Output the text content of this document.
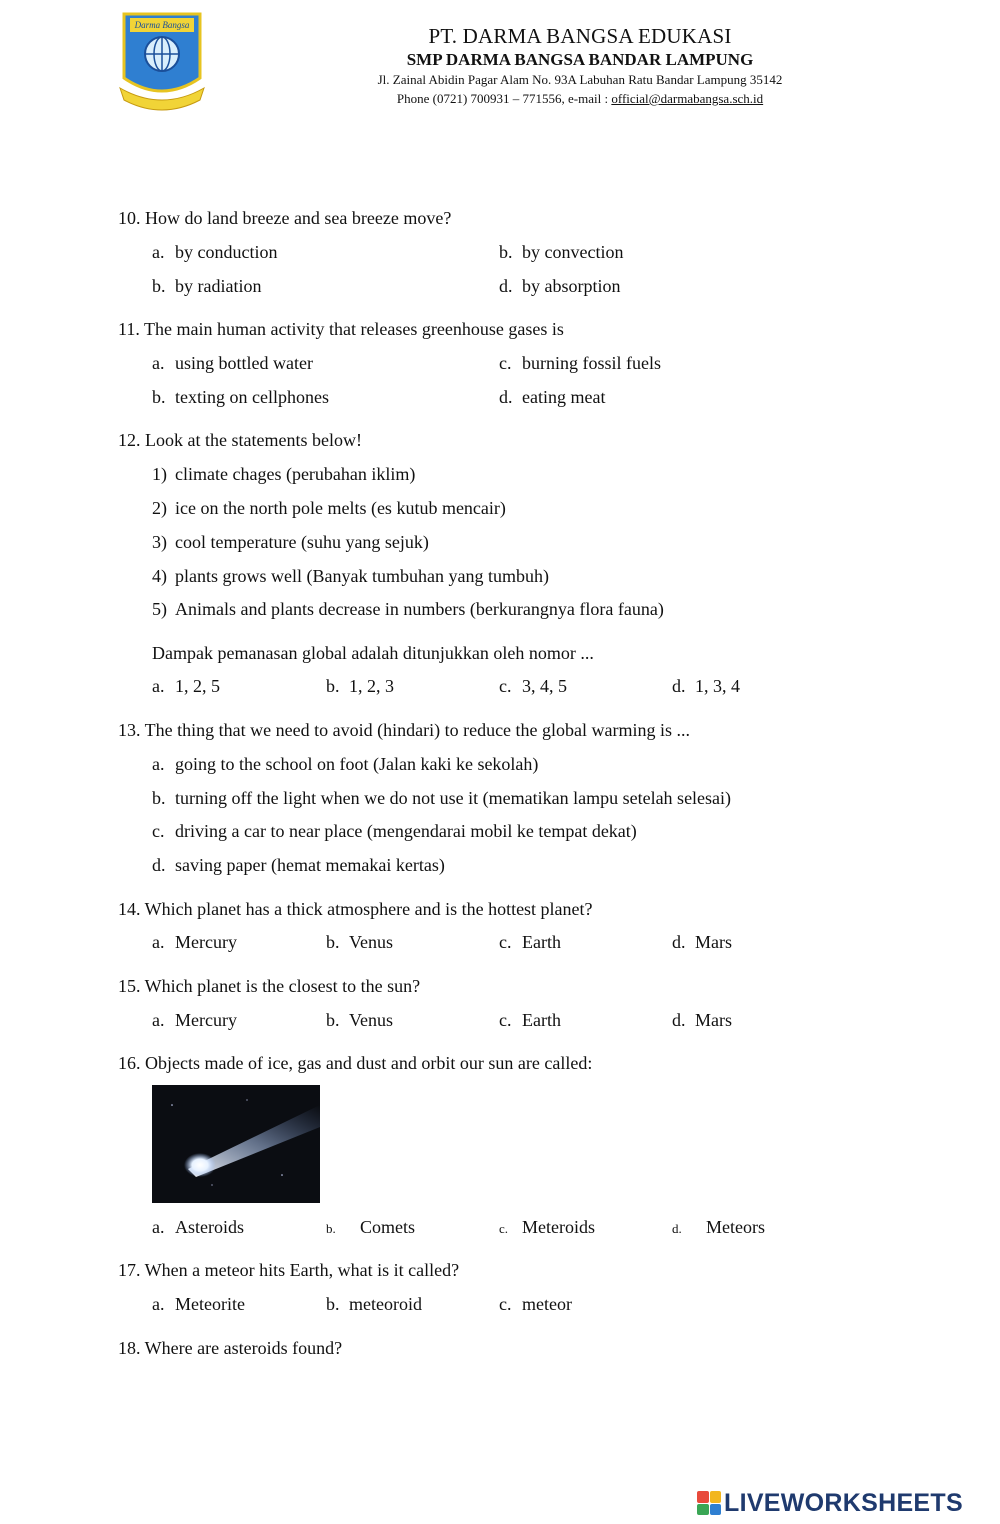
Darma Bangsa	PT. DARMA BANGSA EDUKASI
SMP DARMA BANGSA BANDAR LAMPUNG
Jl. Zainal Abidin Pagar Alam No. 93A Labuhan Ratu Bandar Lampung 35142
Phone (0721) 700931 – 771556, e-mail : official@darmabangsa.sch.id
10. How do land breeze and sea breeze move?
a. by conduction	b. by convection
b. by radiation	d. by absorption
11. The main human activity that releases greenhouse gases is
a. using bottled water	c. burning fossil fuels
b. texting on cellphones	d. eating meat
12. Look at the statements below!
1) climate chages (perubahan iklim)
2) ice on the north pole melts (es kutub mencair)
3) cool temperature (suhu yang sejuk)
4) plants grows well (Banyak tumbuhan yang tumbuh)
5) Animals and plants decrease in numbers (berkurangnya flora fauna)
Dampak pemanasan global adalah ditunjukkan oleh nomor ...
a. 1, 2, 5	b. 1, 2, 3	c. 3, 4, 5	d. 1, 3, 4
13. The thing that we need to avoid (hindari) to reduce the global warming is ...
a. going to the school on foot (Jalan kaki ke sekolah)
b. turning off the light when we do not use it (mematikan lampu setelah selesai)
c. driving a car to near place (mengendarai mobil ke tempat dekat)
d. saving paper (hemat memakai kertas)
14. Which planet has a thick atmosphere and is the hottest planet?
a. Mercury	b. Venus	c. Earth	d. Mars
15. Which planet is the closest to the sun?
a. Mercury	b. Venus	c. Earth	d. Mars
16. Objects made of ice, gas and dust and orbit our sun are called:
a. Asteroids	b. Comets	c. Meteroids	d. Meteors
17. When a meteor hits Earth, what is it called?
a. Meteorite	b. meteoroid	c. meteor
18. Where are asteroids found?
LIVEWORKSHEETS
